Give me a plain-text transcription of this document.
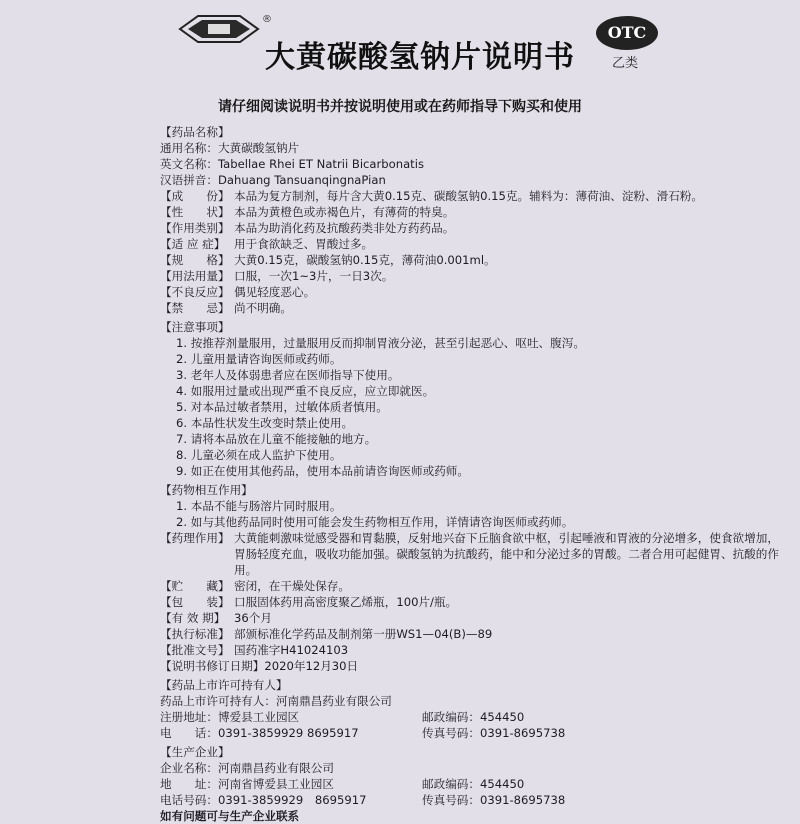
®
大黄碳酸氢钠片说明书
OTC
乙类
请仔细阅读说明书并按说明使用或在药师指导下购买和使用
【药品名称】
通用名称： 大黄碳酸氢钠片
英文名称： Tabellae Rhei ET Natrii Bicarbonatis
汉语拼音： Dahuang TansuanqingnaPian
【成　　份】 本品为复方制剂，每片含大黄0.15克、碳酸氢钠0.15克。辅料为：薄荷油、淀粉、滑石粉。
【性　　状】 本品为黄橙色或赤褐色片，有薄荷的特臭。
【作用类别】 本品为助消化药及抗酸药类非处方药药品。
【适 应 症】 用于食欲缺乏、胃酸过多。
【规　　格】 大黄0.15克，碳酸氢钠0.15克，薄荷油0.001ml。
【用法用量】 口服，一次1~3片，一日3次。
【不良反应】 偶见轻度恶心。
【禁　　忌】 尚不明确。
【注意事项】
1. 按推荐剂量服用，过量服用反而抑制胃液分泌，甚至引起恶心、呕吐、腹泻。
2. 儿童用量请咨询医师或药师。
3. 老年人及体弱患者应在医师指导下使用。
4. 如服用过量或出现严重不良反应，应立即就医。
5. 对本品过敏者禁用，过敏体质者慎用。
6. 本品性状发生改变时禁止使用。
7. 请将本品放在儿童不能接触的地方。
8. 儿童必须在成人监护下使用。
9. 如正在使用其他药品，使用本品前请咨询医师或药师。
【药物相互作用】
1. 本品不能与肠溶片同时服用。
2. 如与其他药品同时使用可能会发生药物相互作用，详情请咨询医师或药师。
【药理作用】 大黄能刺激味觉感受器和胃黏膜，反射地兴奋下丘脑食欲中枢，引起唾液和胃液的分泌增多，使食欲增加，胃肠轻度充血，吸收功能加强。碳酸氢钠为抗酸药，能中和分泌过多的胃酸。二者合用可起健胃、抗酸的作用。
【贮　　藏】 密闭，在干燥处保存。
【包　　装】 口服固体药用高密度聚乙烯瓶，100片/瓶。
【有 效 期】 36个月
【执行标准】 部颁标准化学药品及制剂第一册WS1—04(B)—89
【批准文号】 国药准字H41024103
【说明书修订日期】 2020年12月30日
【药品上市许可持有人】
药品上市许可持有人： 河南鼎昌药业有限公司
注册地址：博爱县工业园区	邮政编码：454450
电　　话：0391-3859929 8695917	传真号码：0391-8695738
【生产企业】
企业名称： 河南鼎昌药业有限公司
地　　址：河南省博爱县工业园区	邮政编码：454450
电话号码：0391-3859929　8695917	传真号码：0391-8695738
如有问题可与生产企业联系
